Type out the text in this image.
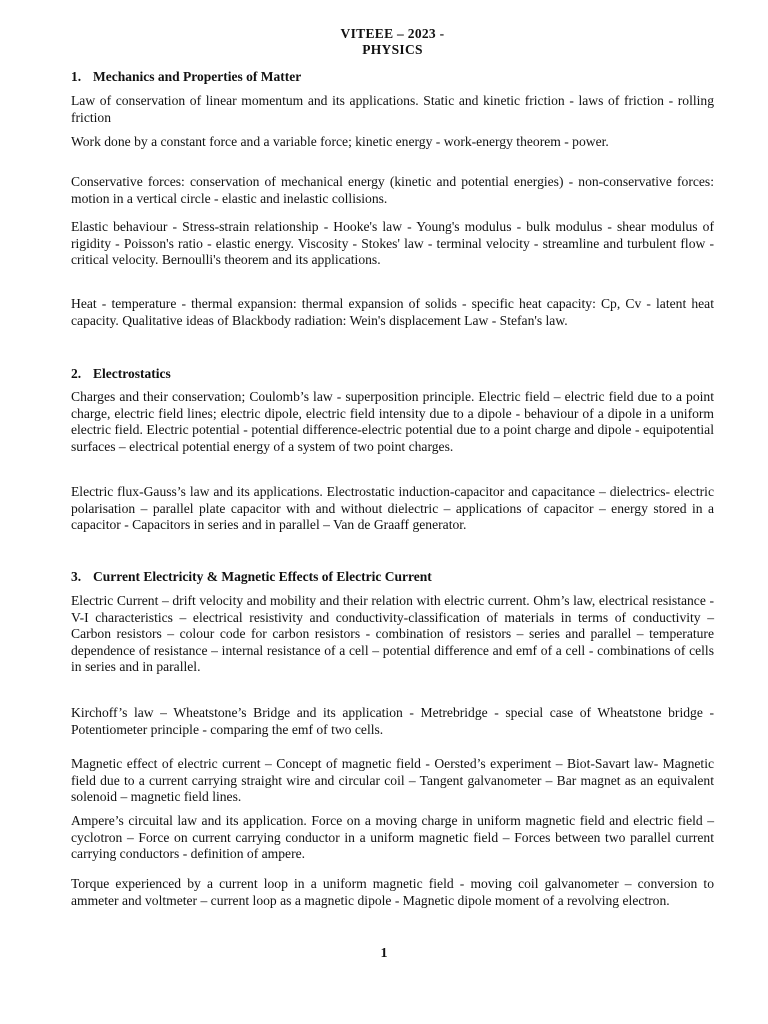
VITEEE – 2023 -
PHYSICS
1. Mechanics and Properties of Matter

Law of conservation of linear momentum and its applications. Static and kinetic friction - laws of friction - rolling friction

Work done by a constant force and a variable force; kinetic energy - work-energy theorem - power.

Conservative forces: conservation of mechanical energy (kinetic and potential energies) - non-conservative forces: motion in a vertical circle - elastic and inelastic collisions.

Elastic behaviour - Stress-strain relationship - Hooke's law - Young's modulus - bulk modulus - shear modulus of rigidity - Poisson's ratio - elastic energy. Viscosity - Stokes' law - terminal velocity - streamline and turbulent flow - critical velocity. Bernoulli's theorem and its applications.

Heat - temperature - thermal expansion: thermal expansion of solids - specific heat capacity: Cp, Cv - latent heat capacity. Qualitative ideas of Blackbody radiation: Wein's displacement Law - Stefan's law.

2. Electrostatics

Charges and their conservation; Coulomb’s law - superposition principle. Electric field – electric field due to a point charge, electric field lines; electric dipole, electric field intensity due to a dipole - behaviour of a dipole in a uniform electric field. Electric potential - potential difference-electric potential due to a point charge and dipole - equipotential surfaces – electrical potential energy of a system of two point charges.

Electric flux-Gauss’s law and its applications. Electrostatic induction-capacitor and capacitance – dielectrics- electric polarisation – parallel plate capacitor with and without dielectric – applications of capacitor – energy stored in a capacitor - Capacitors in series and in parallel – Van de Graaff generator.

3. Current Electricity & Magnetic Effects of Electric Current

Electric Current – drift velocity and mobility and their relation with electric current. Ohm’s law, electrical resistance - V-I characteristics – electrical resistivity and conductivity-classification of materials in terms of conductivity – Carbon resistors – colour code for carbon resistors - combination of resistors – series and parallel – temperature dependence of resistance – internal resistance of a cell – potential difference and emf of a cell - combinations of cells in series and in parallel.

Kirchoff’s law – Wheatstone’s Bridge and its application - Metrebridge - special case of Wheatstone bridge - Potentiometer principle - comparing the emf of two cells.

Magnetic effect of electric current – Concept of magnetic field - Oersted’s experiment – Biot-Savart law- Magnetic field due to a current carrying straight wire and circular coil – Tangent galvanometer – Bar magnet as an equivalent solenoid – magnetic field lines.

Ampere’s circuital law and its application. Force on a moving charge in uniform magnetic field and electric field – cyclotron – Force on current carrying conductor in a uniform magnetic field – Forces between two parallel current carrying conductors - definition of ampere.

Torque experienced by a current loop in a uniform magnetic field - moving coil galvanometer – conversion to ammeter and voltmeter – current loop as a magnetic dipole - Magnetic dipole moment of a revolving electron.

1
